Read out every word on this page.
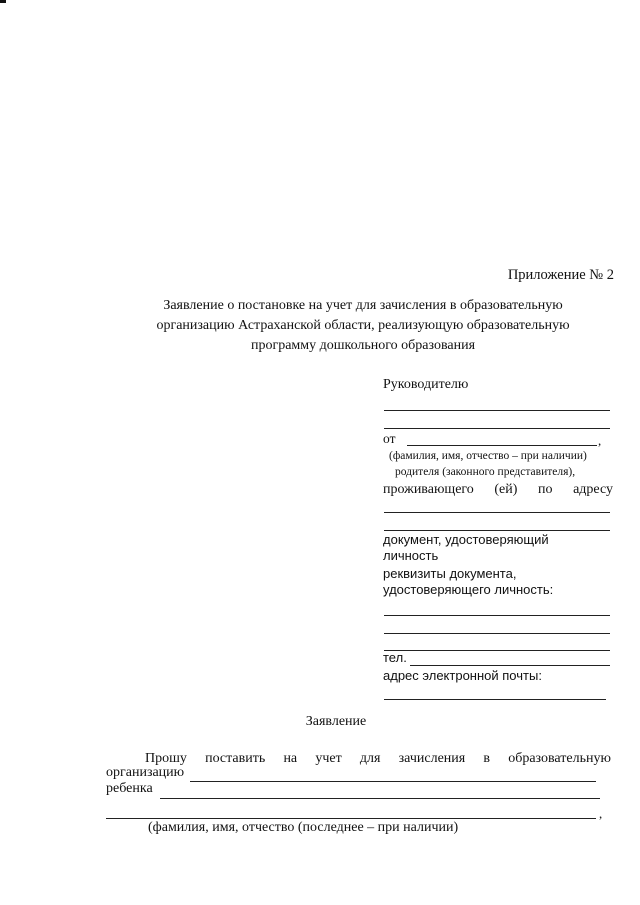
Приложение № 2
Заявление о постановке на учет для зачисления в образовательную
организацию Астраханской области, реализующую образовательную
программу дошкольного образования
Руководителю
от	,
(фамилия, имя, отчество – при наличии)
родителя (законного представителя),
проживающего (ей) по адресу
документ, удостоверяющий
личность
реквизиты документа,
удостоверяющего личность:
тел.
адрес электронной почты:
Заявление
Прошу поставить на учет для зачисления в образовательную
организацию
ребенка
,
(фамилия, имя, отчество (последнее – при наличии)
